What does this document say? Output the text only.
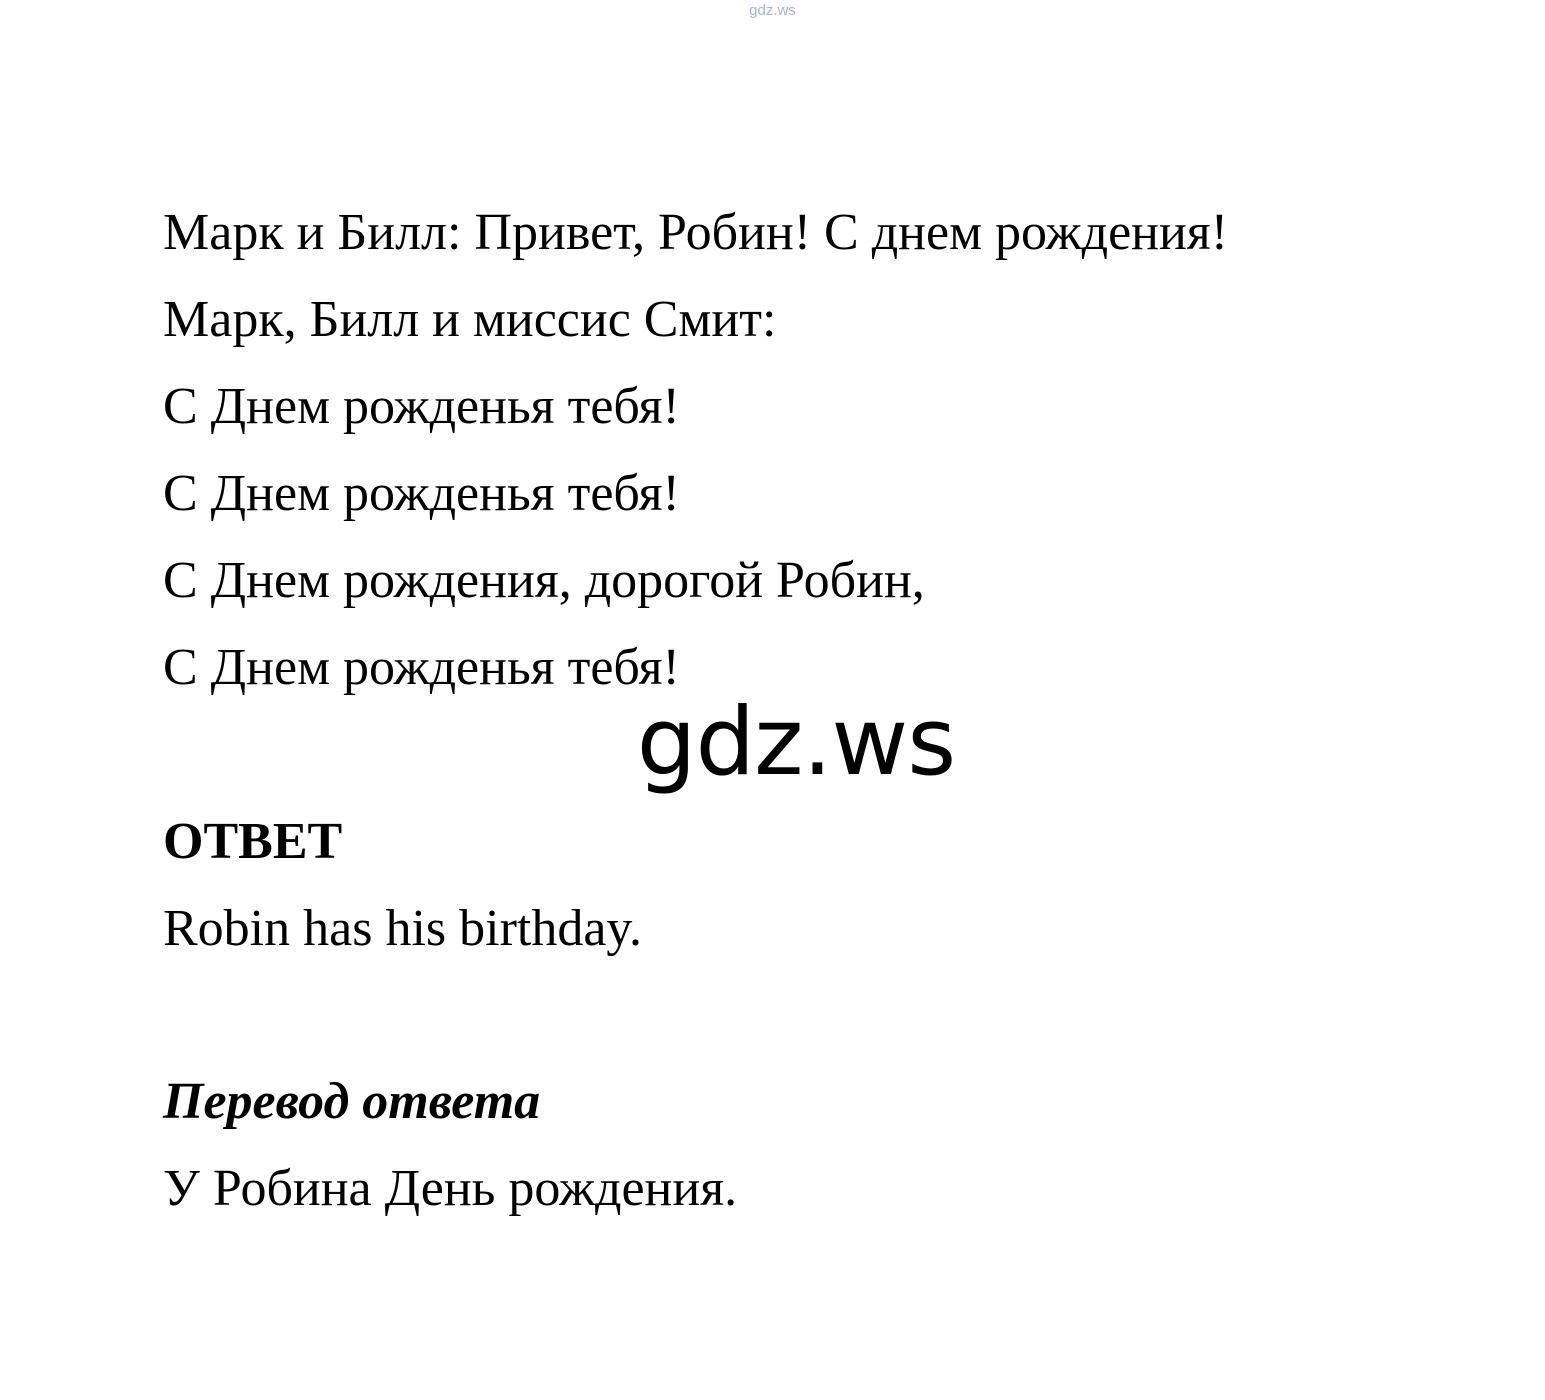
gdz.ws
Марк и Билл: Привет, Робин! С днем рождения!
Марк, Билл и миссис Смит:
С Днем рожденья тебя!
С Днем рожденья тебя!
С Днем рождения, дорогой Робин,
С Днем рожденья тебя!
gdz.ws
ОТВЕТ
Robin has his birthday.
Перевод ответа
У Робина День рождения.
